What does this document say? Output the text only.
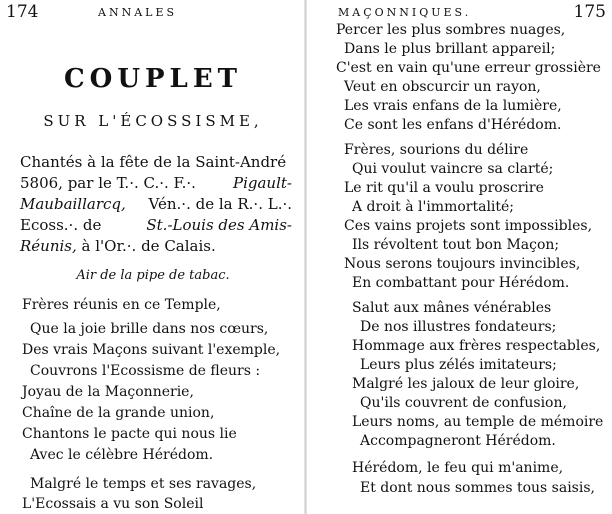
174	ANNALES
COUPLET
SUR L'ÉCOSSISME,
Chantés à la fête de la Saint-André
5806, par le T.·. C.·. F.·. Pigault-
Maubaillarcq, Vén.·. de la R.·. L.·.
Ecoss.·. de	St.-Louis des Amis-
Réunis, à l'Or.·. de Calais.
Air de la pipe de tabac.
Frères réunis en ce Temple,
Que la joie brille dans nos cœurs,
Des vrais Maçons suivant l'exemple,
Couvrons l'Ecossisme de fleurs :
Joyau de la Maçonnerie,
Chaîne de la grande union,
Chantons le pacte qui nous lie
Avec le célèbre Hérédom.
Malgré le temps et ses ravages,
L'Ecossais a vu son Soleil
MAÇONNIQUES.	175
Percer les plus sombres nuages,
Dans le plus brillant appareil;
C'est en vain qu'une erreur grossière
Veut en obscurcir un rayon,
Les vrais enfans de la lumière,
Ce sont les enfans d'Hérédom.
Frères, sourions du délire
Qui voulut vaincre sa clarté;
Le rit qu'il a voulu proscrire
A droit à l'immortalité;
Ces vains projets sont impossibles,
Ils révoltent tout bon Maçon;
Nous serons toujours invincibles,
En combattant pour Hérédom.
Salut aux mânes vénérables
De nos illustres fondateurs;
Hommage aux frères respectables,
Leurs plus zélés imitateurs;
Malgré les jaloux de leur gloire,
Qu'ils couvrent de confusion,
Leurs noms, au temple de mémoire
Accompagneront Hérédom.
Hérédom, le feu qui m'anime,
Et dont nous sommes tous saisis,
